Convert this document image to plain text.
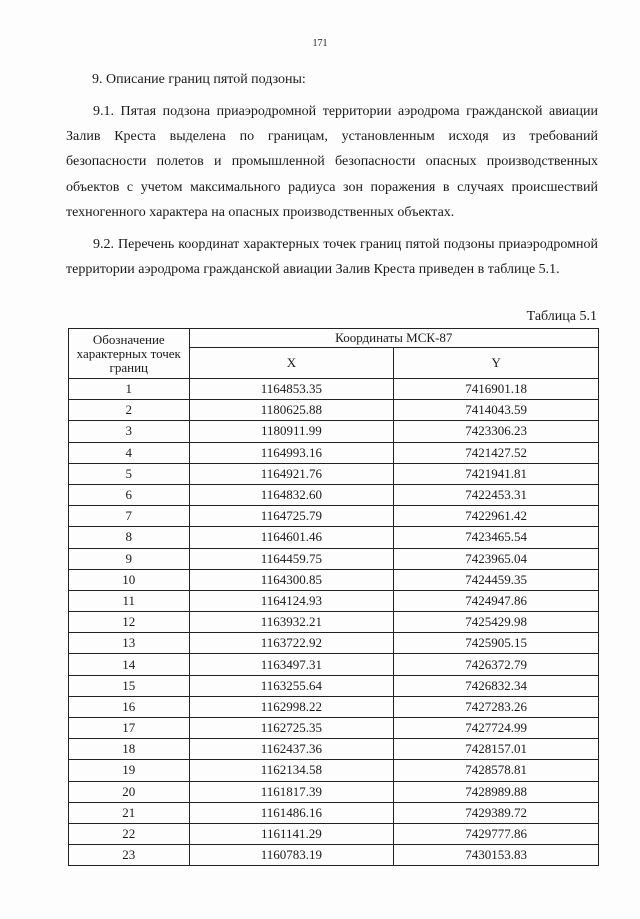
171
9. Описание границ пятой подзоны:

9.1. Пятая подзона приаэродромной территории аэродрома гражданской авиации Залив Креста выделена по границам, установленным исходя из требований безопасности полетов и промышленной безопасности опасных производственных объектов с учетом максимального радиуса зон поражения в случаях происшествий техногенного характера на опасных производственных объектах.

9.2. Перечень координат характерных точек границ пятой подзоны приаэродромной территории аэродрома гражданской авиации Залив Креста приведен в таблице 5.1.

Таблица 5.1
Обозначение характерных точек границ	Координаты МСК-87	
	X	Y
1	1164853.35	7416901.18
2	1180625.88	7414043.59
3	1180911.99	7423306.23
4	1164993.16	7421427.52
5	1164921.76	7421941.81
6	1164832.60	7422453.31
7	1164725.79	7422961.42
8	1164601.46	7423465.54
9	1164459.75	7423965.04
10	1164300.85	7424459.35
11	1164124.93	7424947.86
12	1163932.21	7425429.98
13	1163722.92	7425905.15
14	1163497.31	7426372.79
15	1163255.64	7426832.34
16	1162998.22	7427283.26
17	1162725.35	7427724.99
18	1162437.36	7428157.01
19	1162134.58	7428578.81
20	1161817.39	7428989.88
21	1161486.16	7429389.72
22	1161141.29	7429777.86
23	1160783.19	7430153.83
